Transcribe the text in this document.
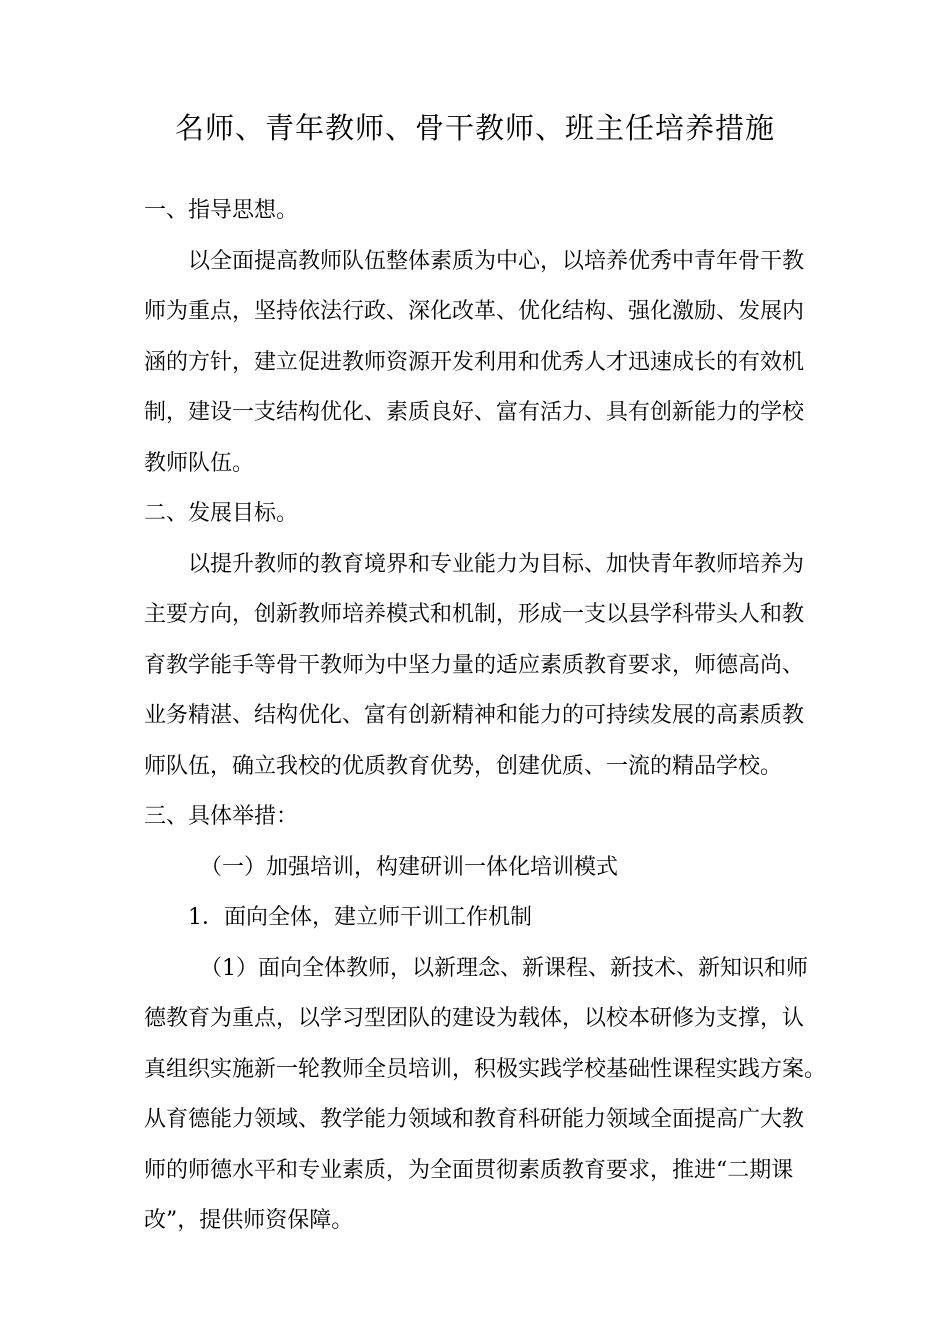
名师、青年教师、骨干教师、班主任培养措施
一、指导思想。
以全面提高教师队伍整体素质为中心，以培养优秀中青年骨干教
师为重点，坚持依法行政、深化改革、优化结构、强化激励、发展内
涵的方针，建立促进教师资源开发利用和优秀人才迅速成长的有效机
制，建设一支结构优化、素质良好、富有活力、具有创新能力的学校
教师队伍。
二、发展目标。
以提升教师的教育境界和专业能力为目标、加快青年教师培养为
主要方向，创新教师培养模式和机制，形成一支以县学科带头人和教
育教学能手等骨干教师为中坚力量的适应素质教育要求，师德高尚、
业务精湛、结构优化、富有创新精神和能力的可持续发展的高素质教
师队伍，确立我校的优质教育优势，创建优质、一流的精品学校。
三、具体举措：
（一）加强培训，构建研训一体化培训模式
1．面向全体，建立师干训工作机制
（1）面向全体教师，以新理念、新课程、新技术、新知识和师
德教育为重点，以学习型团队的建设为载体，以校本研修为支撑，认
真组织实施新一轮教师全员培训，积极实践学校基础性课程实践方案。
从育德能力领域、教学能力领域和教育科研能力领域全面提高广大教
师的师德水平和专业素质，为全面贯彻素质教育要求，推进“二期课
改”，提供师资保障。
